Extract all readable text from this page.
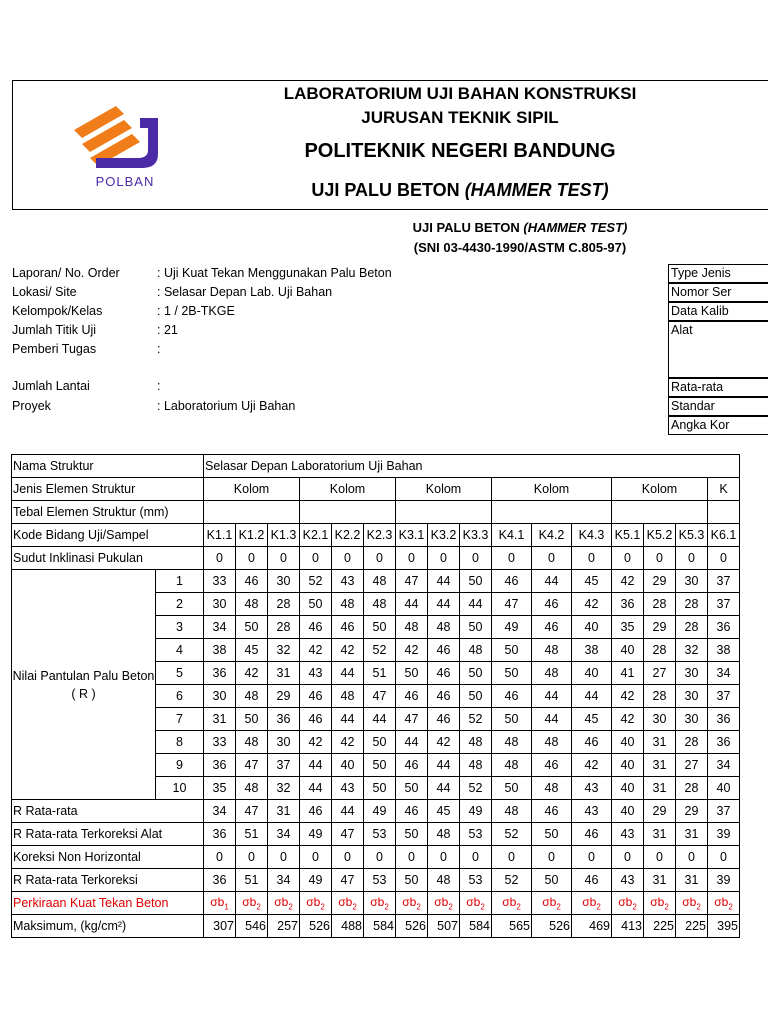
POLBAN
LABORATORIUM UJI BAHAN KONSTRUKSI
JURUSAN TEKNIK SIPIL
POLITEKNIK NEGERI BANDUNG
UJI PALU BETON (HAMMER TEST)
UJI PALU BETON (HAMMER TEST)
(SNI 03-4430-1990/ASTM C.805-97)
Laporan/ No. Order	: Uji Kuat Tekan Menggunakan Palu Beton
Lokasi/ Site	: Selasar Depan Lab. Uji Bahan
Kelompok/Kelas	: 1 / 2B-TKGE
Jumlah Titik Uji	: 21
Pemberi Tugas	:
Jumlah Lantai	:
Proyek	: Laboratorium Uji Bahan
Type Jenis
Nomor Ser
Data Kalib
Alat
Rata-rata
Standar
Angka Kor
Nama Struktur		Selasar Depan Laboratorium Uji Bahan															
Jenis Elemen Struktur		Kolom			Kolom			Kolom			Kolom			Kolom			K
Tebal Elemen Struktur (mm)																	
Kode Bidang Uji/Sampel		K1.1	K1.2	K1.3	K2.1	K2.2	K2.3	K3.1	K3.2	K3.3	K4.1	K4.2	K4.3	K5.1	K5.2	K5.3	K6.1
Sudut Inklinasi Pukulan		0	0	0	0	0	0	0	0	0	0	0	0	0	0	0	0
Nilai Pantulan Palu Beton ( R )	1	33	46	30	52	43	48	47	44	50	46	44	45	42	29	30	37
	2	30	48	28	50	48	48	44	44	44	47	46	42	36	28	28	37
	3	34	50	28	46	46	50	48	48	50	49	46	40	35	29	28	36
	4	38	45	32	42	42	52	42	46	48	50	48	38	40	28	32	38
	5	36	42	31	43	44	51	50	46	50	50	48	40	41	27	30	34
	6	30	48	29	46	48	47	46	46	50	46	44	44	42	28	30	37
	7	31	50	36	46	44	44	47	46	52	50	44	45	42	30	30	36
	8	33	48	30	42	42	50	44	42	48	48	48	46	40	31	28	36
	9	36	47	37	44	40	50	46	44	48	48	46	42	40	31	27	34
	10	35	48	32	44	43	50	50	44	52	50	48	43	40	31	28	40
R Rata-rata		34	47	31	46	44	49	46	45	49	48	46	43	40	29	29	37
R Rata-rata Terkoreksi Alat		36	51	34	49	47	53	50	48	53	52	50	46	43	31	31	39
Koreksi Non Horizontal		0	0	0	0	0	0	0	0	0	0	0	0	0	0	0	0
R Rata-rata Terkoreksi		36	51	34	49	47	53	50	48	53	52	50	46	43	31	31	39
Perkiraan Kuat Tekan Beton		$\sigma b_1$	$\sigma b_2$	$\sigma b_2$	$\sigma b_2$	$\sigma b_2$	$\sigma b_2$	$\sigma b_2$	$\sigma b_2$	$\sigma b_2$	$\sigma b_2$	$\sigma b_2$	$\sigma b_2$	$\sigma b_2$	$\sigma b_2$	$\sigma b_2$	$\sigma b_2$
Maksimum, (kg/cm²)		307	546	257	526	488	584	526	507	584	565	526	469	413	225	225	395
